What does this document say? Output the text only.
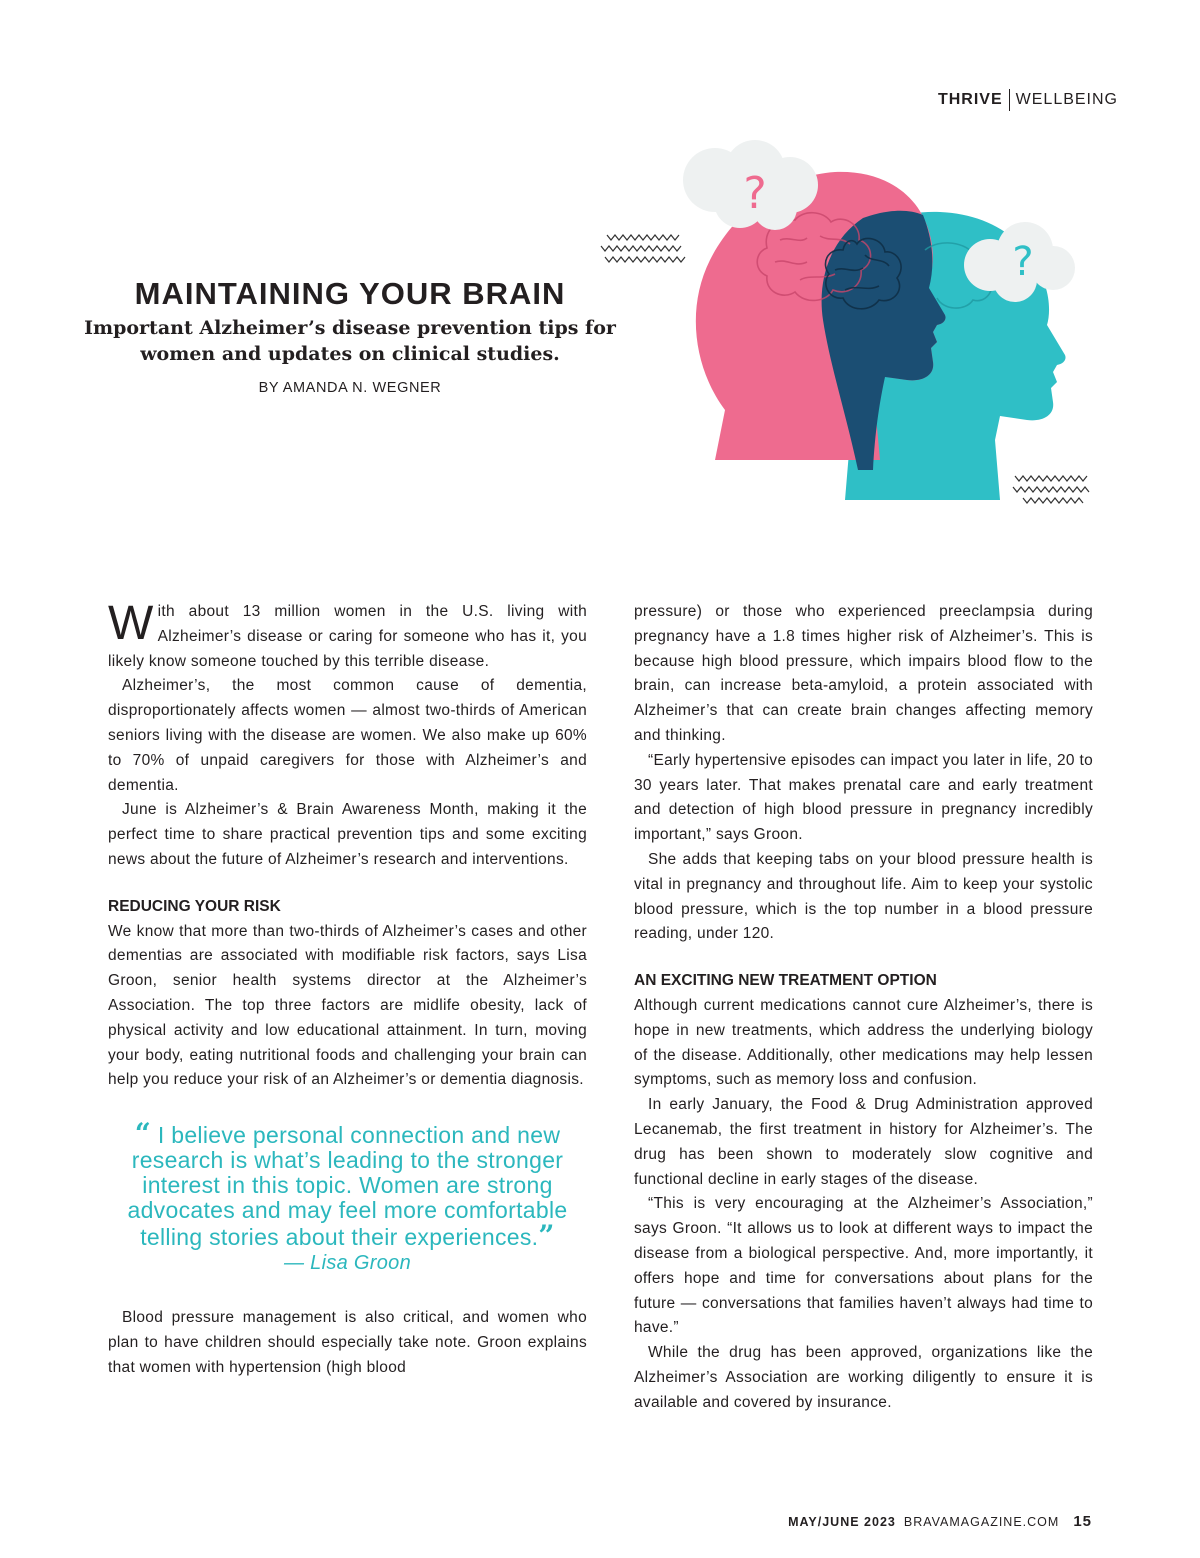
THRIVE WELLBEING
?
?
MAINTAINING YOUR BRAIN
Important Alzheimer’s disease prevention tips for women and updates on clinical studies.
BY AMANDA N. WEGNER

With about 13 million women in the U.S. living with Alzheimer’s disease or caring for someone who has it, you likely know someone touched by this terrible disease.

Alzheimer’s, the most common cause of dementia, disproportionately affects women — almost two-thirds of American seniors living with the disease are women. We also make up 60% to 70% of unpaid caregivers for those with Alzheimer’s and dementia.

June is Alzheimer’s & Brain Awareness Month, making it the perfect time to share practical prevention tips and some exciting news about the future of Alzheimer’s research and interventions.

REDUCING YOUR RISK

We know that more than two-thirds of Alzheimer’s cases and other dementias are associated with modifiable risk factors, says Lisa Groon, senior health systems director at the Alzheimer’s Association. The top three factors are midlife obesity, lack of physical activity and low educational attainment. In turn, moving your body, eating nutritional foods and challenging your brain can help you reduce your risk of an Alzheimer’s or dementia diagnosis.

“ I believe personal connection and new research is what’s leading to the stronger interest in this topic. Women are strong advocates and may feel more comfortable telling stories about their experiences.”
— Lisa Groon

Blood pressure management is also critical, and women who plan to have children should especially take note. Groon explains that women with hypertension (high blood

pressure) or those who experienced preeclampsia during pregnancy have a 1.8 times higher risk of Alzheimer’s. This is because high blood pressure, which impairs blood flow to the brain, can increase beta-amyloid, a protein associated with Alzheimer’s that can create brain changes affecting memory and thinking.

“Early hypertensive episodes can impact you later in life, 20 to 30 years later. That makes prenatal care and early treatment and detection of high blood pressure in pregnancy incredibly important,” says Groon.

She adds that keeping tabs on your blood pressure health is vital in pregnancy and throughout life. Aim to keep your systolic blood pressure, which is the top number in a blood pressure reading, under 120.

AN EXCITING NEW TREATMENT OPTION

Although current medications cannot cure Alzheimer’s, there is hope in new treatments, which address the underlying biology of the disease. Additionally, other medications may help lessen symptoms, such as memory loss and confusion.

In early January, the Food & Drug Administration approved Lecanemab, the first treatment in history for Alzheimer’s. The drug has been shown to moderately slow cognitive and functional decline in early stages of the disease.

“This is very encouraging at the Alzheimer’s Association,” says Groon. “It allows us to look at different ways to impact the disease from a biological perspective. And, more importantly, it offers hope and time for conversations about plans for the future — conversations that families haven’t always had time to have.”

While the drug has been approved, organizations like the Alzheimer’s Association are working diligently to ensure it is available and covered by insurance.

MAY/JUNE 2023 BRAVAMAGAZINE.COM 15
